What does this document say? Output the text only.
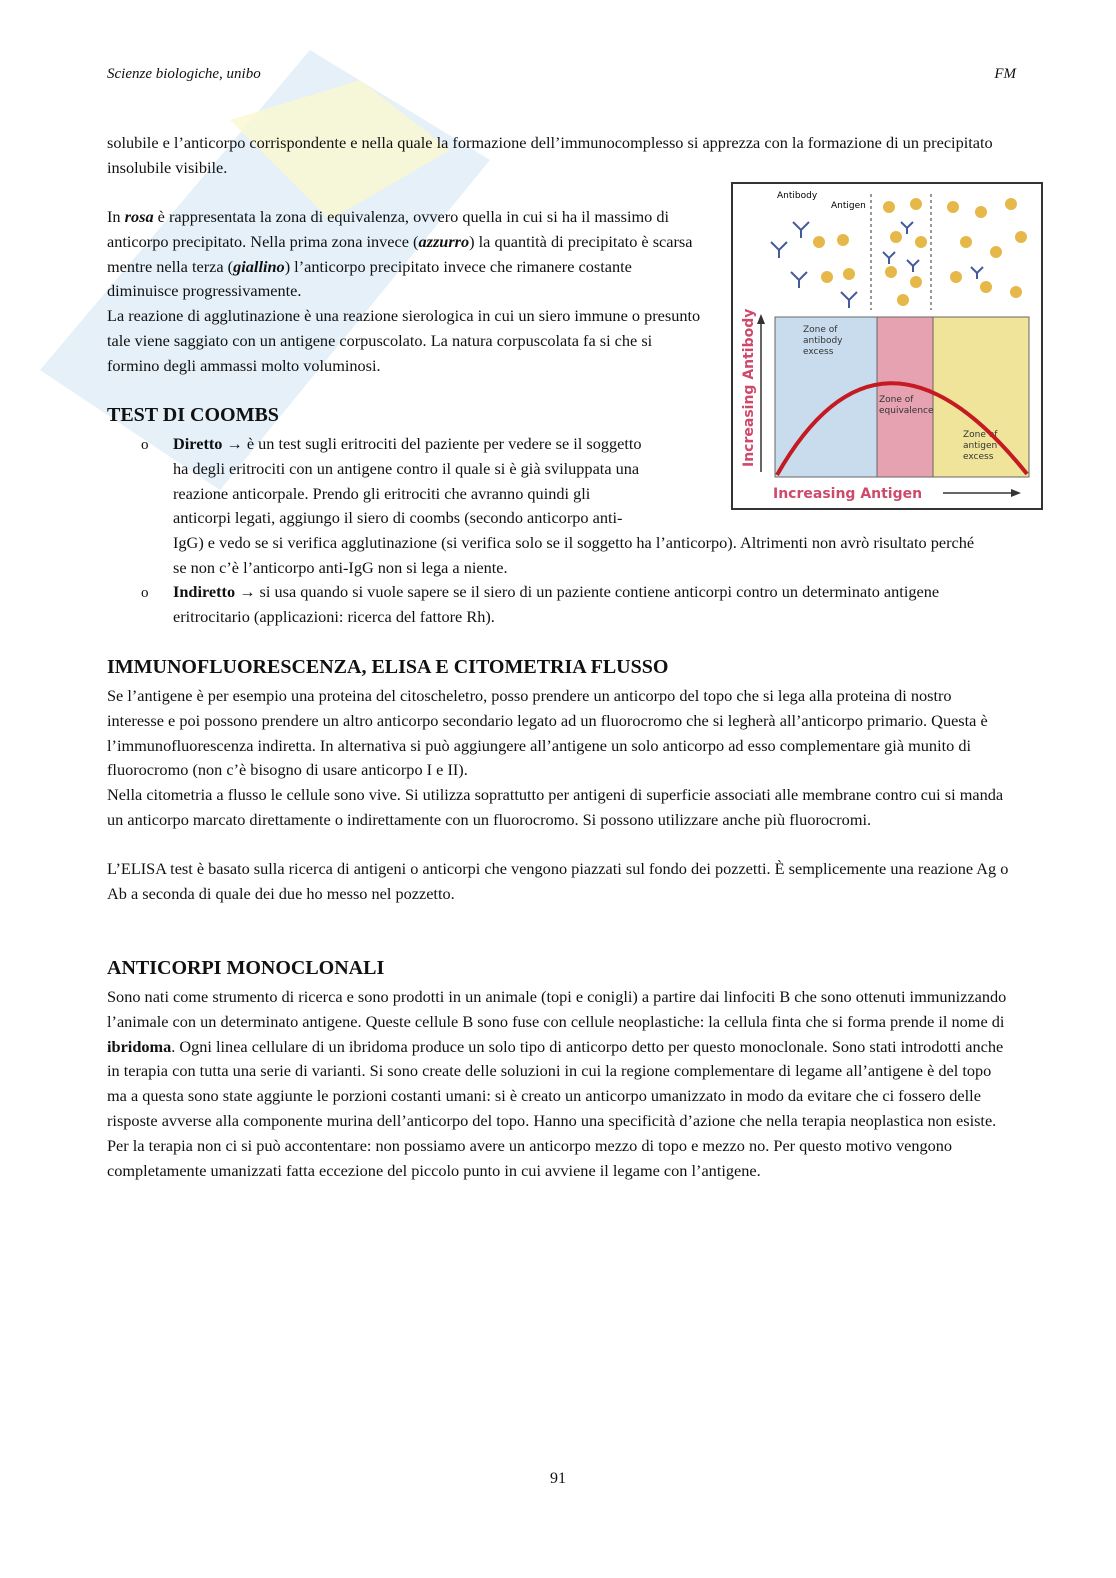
Scienze biologiche, unibo	FM

solubile e l’anticorpo corrispondente e nella quale la formazione dell’immunocomplesso si apprezza con la formazione di un precipitato insolubile visibile.

In rosa è rappresentata la zona di equivalenza, ovvero quella in cui si ha il massimo di anticorpo precipitato. Nella prima zona invece (azzurro) la quantità di precipitato è scarsa mentre nella terza (giallino) l’anticorpo precipitato invece che rimanere costante diminuisce progressivamente.

La reazione di agglutinazione è una reazione sierologica in cui un siero immune o presunto tale viene saggiato con un antigene corpuscolato. La natura corpuscolata fa si che si formino degli ammassi molto voluminosi.

TEST DI COOMBS
o Diretto → è un test sugli eritrociti del paziente per vedere se il soggetto
ha degli eritrociti con un antigene contro il quale si è già sviluppata una
reazione anticorpale. Prendo gli eritrociti che avranno quindi gli
anticorpi legati, aggiungo il siero di coombs (secondo anticorpo anti-
IgG) e vedo se si verifica agglutinazione (si verifica solo se il soggetto ha l’anticorpo). Altrimenti non avrò risultato perché se non c’è l’anticorpo anti-IgG non si lega a niente.
o Indiretto → si usa quando si vuole sapere se il siero di un paziente contiene anticorpi contro un determinato antigene eritrocitario (applicazioni: ricerca del fattore Rh).
Antibody
Antigen
Zone of antibody excess Zone of equivalence Zone of antigen excess
Increasing Antibody
Increasing Antigen
IMMUNOFLUORESCENZA, ELISA E CITOMETRIA FLUSSO

Se l’antigene è per esempio una proteina del citoscheletro, posso prendere un anticorpo del topo che si lega alla proteina di nostro interesse e poi possono prendere un altro anticorpo secondario legato ad un fluorocromo che si legherà all’anticorpo primario. Questa è l’immunofluorescenza indiretta. In alternativa si può aggiungere all’antigene un solo anticorpo ad esso complementare già munito di fluorocromo (non c’è bisogno di usare anticorpo I e II).

Nella citometria a flusso le cellule sono vive. Si utilizza soprattutto per antigeni di superficie associati alle membrane contro cui si manda un anticorpo marcato direttamente o indirettamente con un fluorocromo. Si possono utilizzare anche più fluorocromi.

L’ELISA test è basato sulla ricerca di antigeni o anticorpi che vengono piazzati sul fondo dei pozzetti. È semplicemente una reazione Ag o Ab a seconda di quale dei due ho messo nel pozzetto.

ANTICORPI MONOCLONALI

Sono nati come strumento di ricerca e sono prodotti in un animale (topi e conigli) a partire dai linfociti B che sono ottenuti immunizzando l’animale con un determinato antigene. Queste cellule B sono fuse con cellule neoplastiche: la cellula finta che si forma prende il nome di ibridoma. Ogni linea cellulare di un ibridoma produce un solo tipo di anticorpo detto per questo monoclonale. Sono stati introdotti anche in terapia con tutta una serie di varianti. Si sono create delle soluzioni in cui la regione complementare di legame all’antigene è del topo ma a questa sono state aggiunte le porzioni costanti umani: si è creato un anticorpo umanizzato in modo da evitare che ci fossero delle risposte avverse alla componente murina dell’anticorpo del topo. Hanno una specificità d’azione che nella terapia neoplastica non esiste. Per la terapia non ci si può accontentare: non possiamo avere un anticorpo mezzo di topo e mezzo no. Per questo motivo vengono completamente umanizzati fatta eccezione del piccolo punto in cui avviene il legame con l’antigene.

91
